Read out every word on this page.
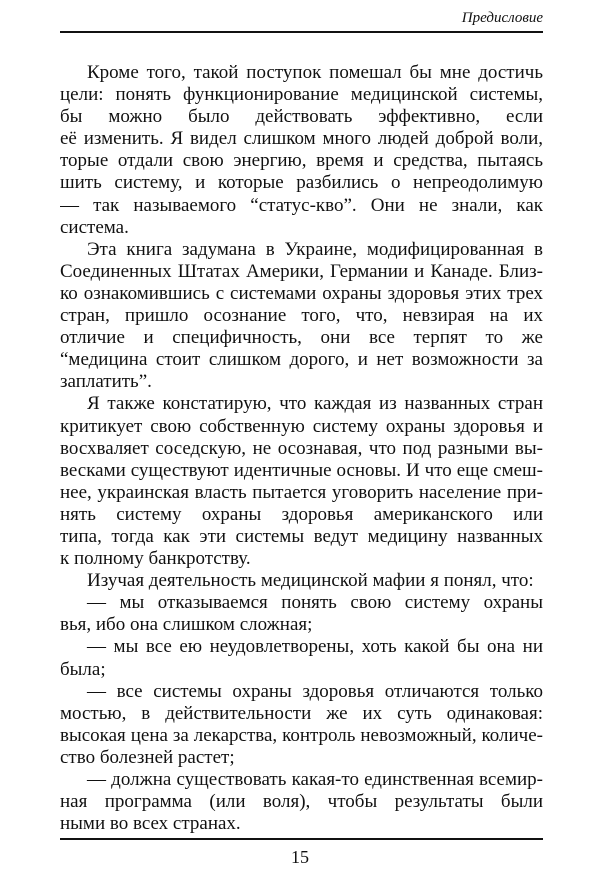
Предисловие
Кроме того, такой поступок помешал бы мне достичь
цели: понять функционирование медицинской системы,
бы можно было действовать эффективно, если
её изменить. Я видел слишком много людей доброй воли,
торые отдали свою энергию, время и средства, пытаясь
шить систему, и которые разбились о непреодолимую
— так называемого “статус-кво”. Они не знали, как
система.
Эта книга задумана в Украине, модифицированная в
Соединенных Штатах Америки, Германии и Канаде. Близ-
ко ознакомившись с системами охраны здоровья этих трех
стран, пришло осознание того, что, невзирая на их
отличие и специфичность, они все терпят то же
“медицина стоит слишком дорого, и нет возможности за
заплатить”.
Я также констатирую, что каждая из названных стран
критикует свою собственную систему охраны здоровья и
восхваляет соседскую, не осознавая, что под разными вы-
весками существуют идентичные основы. И что еще смеш-
нее, украинская власть пытается уговорить население при-
нять систему охраны здоровья американского или
типа, тогда как эти системы ведут медицину названных
к полному банкротству.
Изучая деятельность медицинской мафии я понял, что:
— мы отказываемся понять свою систему охраны
вья, ибо она слишком сложная;
— мы все ею неудовлетворены, хоть какой бы она ни
была;
— все системы охраны здоровья отличаются только
мостью, в действительности же их суть одинаковая:
высокая цена за лекарства, контроль невозможный, количе-
ство болезней растет;
— должна существовать какая-то единственная всемир-
ная программа (или воля), чтобы результаты были
ными во всех странах.
15
